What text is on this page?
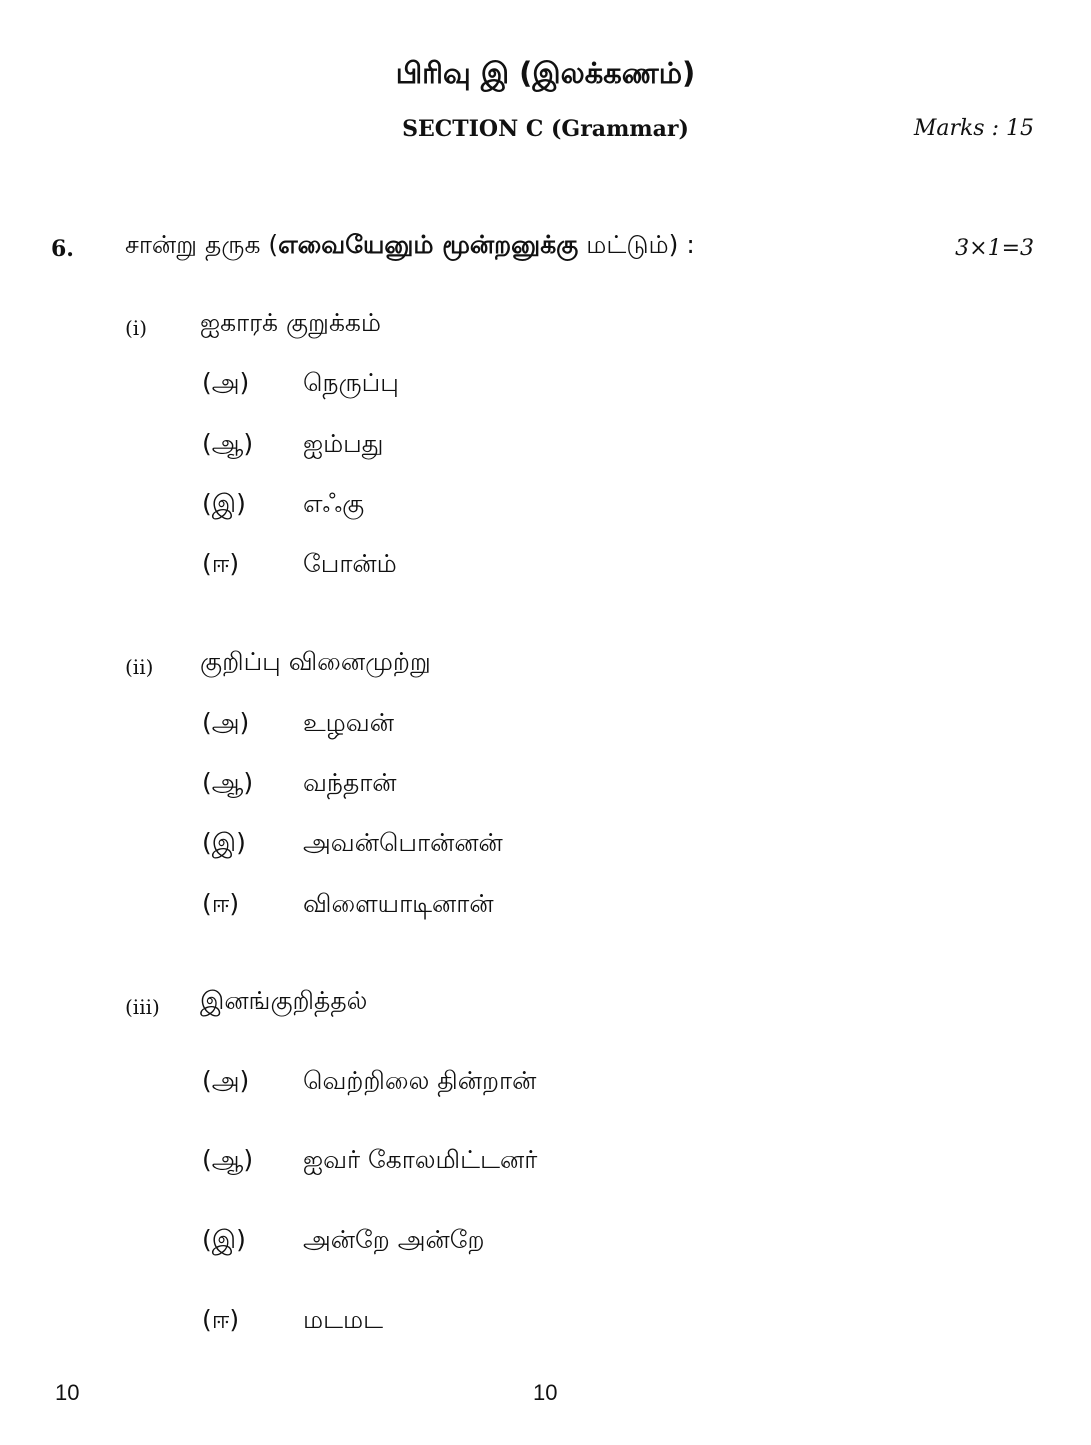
பிரிவு இ (இலக்கணம்)
SECTION C (Grammar)	Marks : 15
6. சான்று தருக (எவையேனும் மூன்றனுக்கு மட்டும்) :	3×1=3
(i) ஐகாரக் குறுக்கம்
(அ) நெருப்பு
(ஆ) ஐம்பது
(இ) எஃகு
(ஈ)	போன்ம்
(ii) குறிப்பு வினைமுற்று
(அ) உழவன்
(ஆ) வந்தான்
(இ) அவன்பொன்னன்
(ஈ)	விளையாடினான்
(iii) இனங்குறித்தல்
(அ) வெற்றிலை தின்றான்
(ஆ) ஐவர் கோலமிட்டனர்
(இ) அன்றே அன்றே
(ஈ)	மடமட
10	10
